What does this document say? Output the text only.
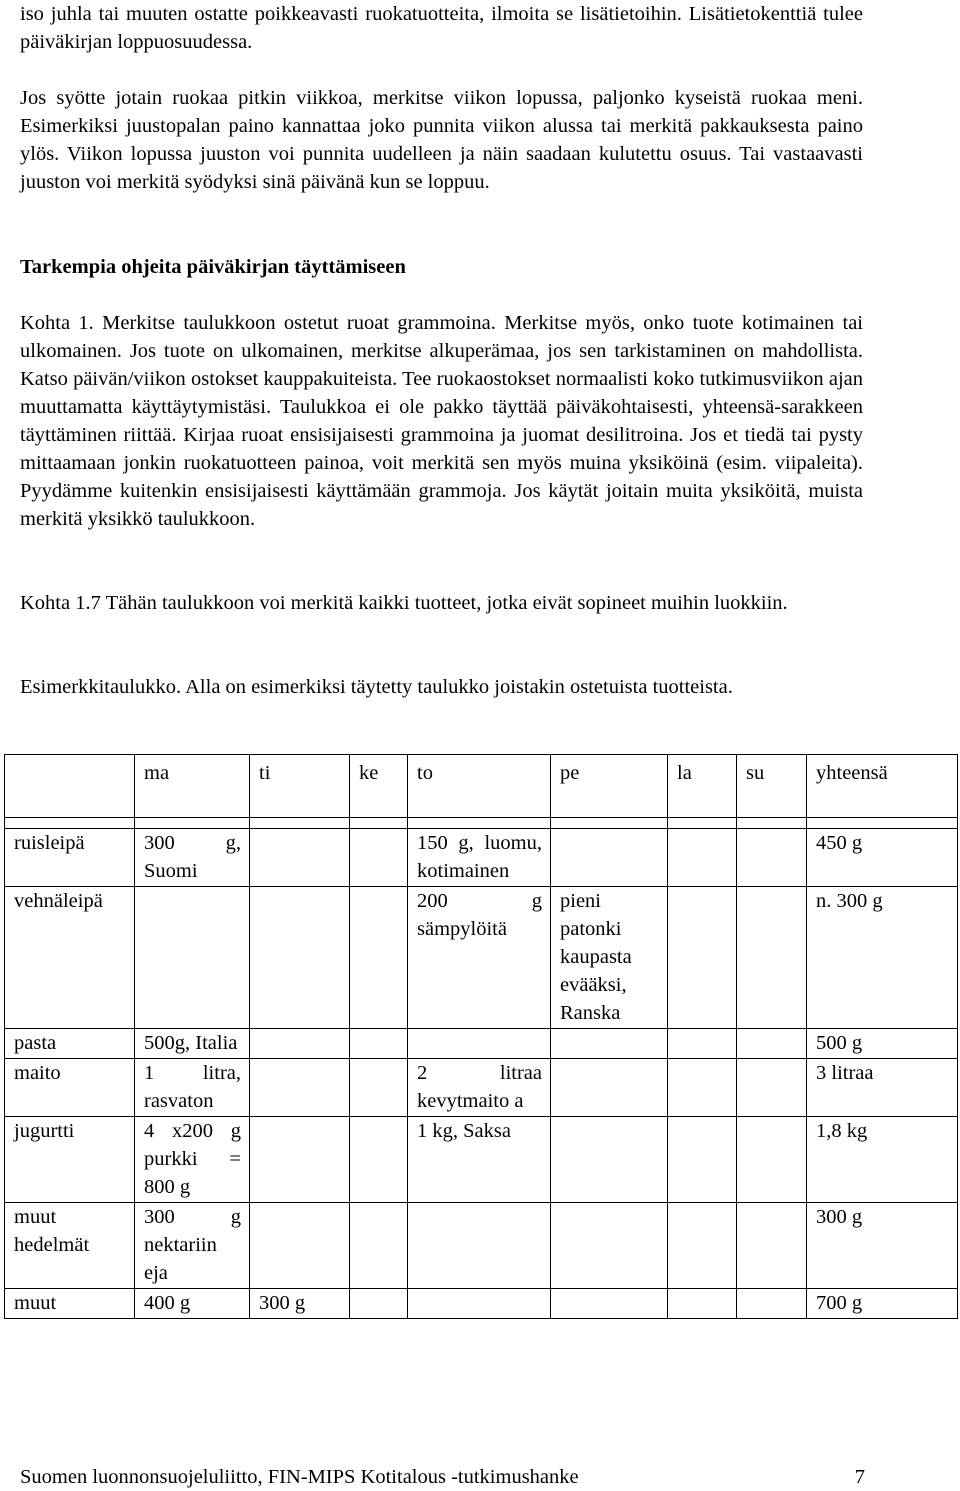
iso juhla tai muuten ostatte poikkeavasti ruokatuotteita, ilmoita se lisätietoihin. Lisätietokenttiä tulee päiväkirjan loppuosuudessa.

Jos syötte jotain ruokaa pitkin viikkoa, merkitse viikon lopussa, paljonko kyseistä ruokaa meni. Esimerkiksi juustopalan paino kannattaa joko punnita viikon alussa tai merkitä pakkauksesta paino ylös. Viikon lopussa juuston voi punnita uudelleen ja näin saadaan kulutettu osuus. Tai vastaavasti juuston voi merkitä syödyksi sinä päivänä kun se loppuu.

Tarkempia ohjeita päiväkirjan täyttämiseen

Kohta 1. Merkitse taulukkoon ostetut ruoat grammoina. Merkitse myös, onko tuote kotimainen tai ulkomainen. Jos tuote on ulkomainen, merkitse alkuperämaa, jos sen tarkistaminen on mahdollista. Katso päivän/viikon ostokset kauppakuiteista. Tee ruokaostokset normaalisti koko tutkimusviikon ajan muuttamatta käyttäytymistäsi. Taulukkoa ei ole pakko täyttää päiväkohtaisesti, yhteensä-sarakkeen täyttäminen riittää. Kirjaa ruoat ensisijaisesti grammoina ja juomat desilitroina. Jos et tiedä tai pysty mittaamaan jonkin ruokatuotteen painoa, voit merkitä sen myös muina yksiköinä (esim. viipaleita). Pyydämme kuitenkin ensisijaisesti käyttämään grammoja. Jos käytät joitain muita yksiköitä, muista merkitä yksikkö taulukkoon.

Kohta 1.7 Tähän taulukkoon voi merkitä kaikki tuotteet, jotka eivät sopineet muihin luokkiin.

Esimerkkitaulukko. Alla on esimerkiksi täytetty taulukko joistakin ostetuista tuotteista.

	ma	ti	ke	to	pe	la	su	yhteensä

ruisleipä	300 g, Suomi			150 g, luomu, kotimainen				450 g
vehnäleipä				200 g sämpylöitä	pieni patonki kaupasta evääksi, Ranska			n. 300 g
pasta	500g, Italia							500 g
maito	1 litra, rasvaton			2 litraa kevytmaito a				3 litraa
jugurtti	4 x200 g purkki = 800 g			1 kg, Saksa				1,8 kg
muut hedelmät	300 g nektariin eja							300 g
muut	400 g	300 g						700 g
Suomen luonnonsuojeluliitto, FIN-MIPS Kotitalous -tutkimushanke	7
